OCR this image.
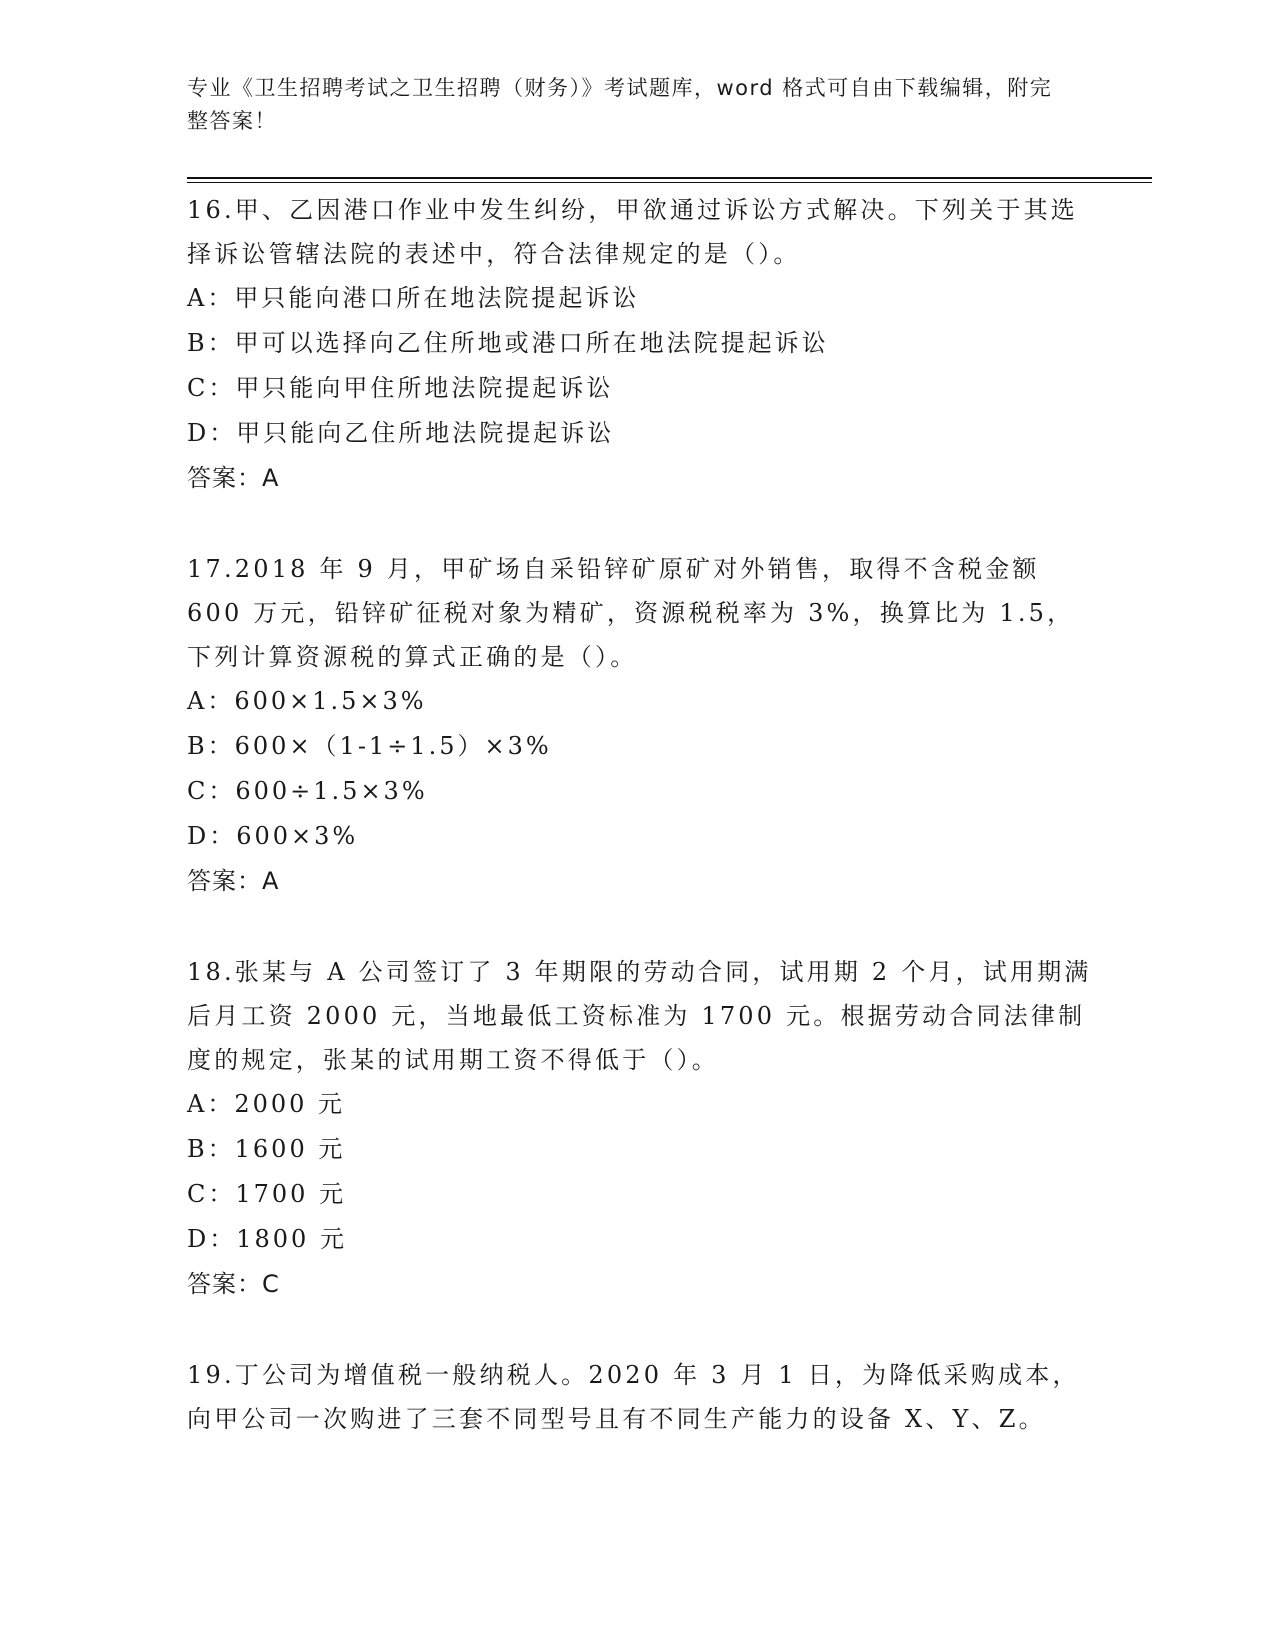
专业《卫生招聘考试之卫生招聘（财务）》考试题库，word 格式可自由下载编辑，附完整答案！

16.甲、乙因港口作业中发生纠纷，甲欲通过诉讼方式解决。下列关于其选择诉讼管辖法院的表述中，符合法律规定的是（）。

A：甲只能向港口所在地法院提起诉讼

B：甲可以选择向乙住所地或港口所在地法院提起诉讼

C：甲只能向甲住所地法院提起诉讼

D：甲只能向乙住所地法院提起诉讼

答案：A

17.2018 年 9 月，甲矿场自采铅锌矿原矿对外销售，取得不含税金额 600 万元，铅锌矿征税对象为精矿，资源税税率为 3%，换算比为 1.5，下列计算资源税的算式正确的是（）。

A：600×1.5×3%

B：600×（1-1÷1.5）×3%

C：600÷1.5×3%

D：600×3%

答案：A

18.张某与 A 公司签订了 3 年期限的劳动合同，试用期 2 个月，试用期满后月工资 2000 元，当地最低工资标准为 1700 元。根据劳动合同法律制度的规定，张某的试用期工资不得低于（）。

A：2000 元

B：1600 元

C：1700 元

D：1800 元

答案：C

19.丁公司为增值税一般纳税人。2020 年 3 月 1 日，为降低采购成本，向甲公司一次购进了三套不同型号且有不同生产能力的设备 X、Y、Z。
